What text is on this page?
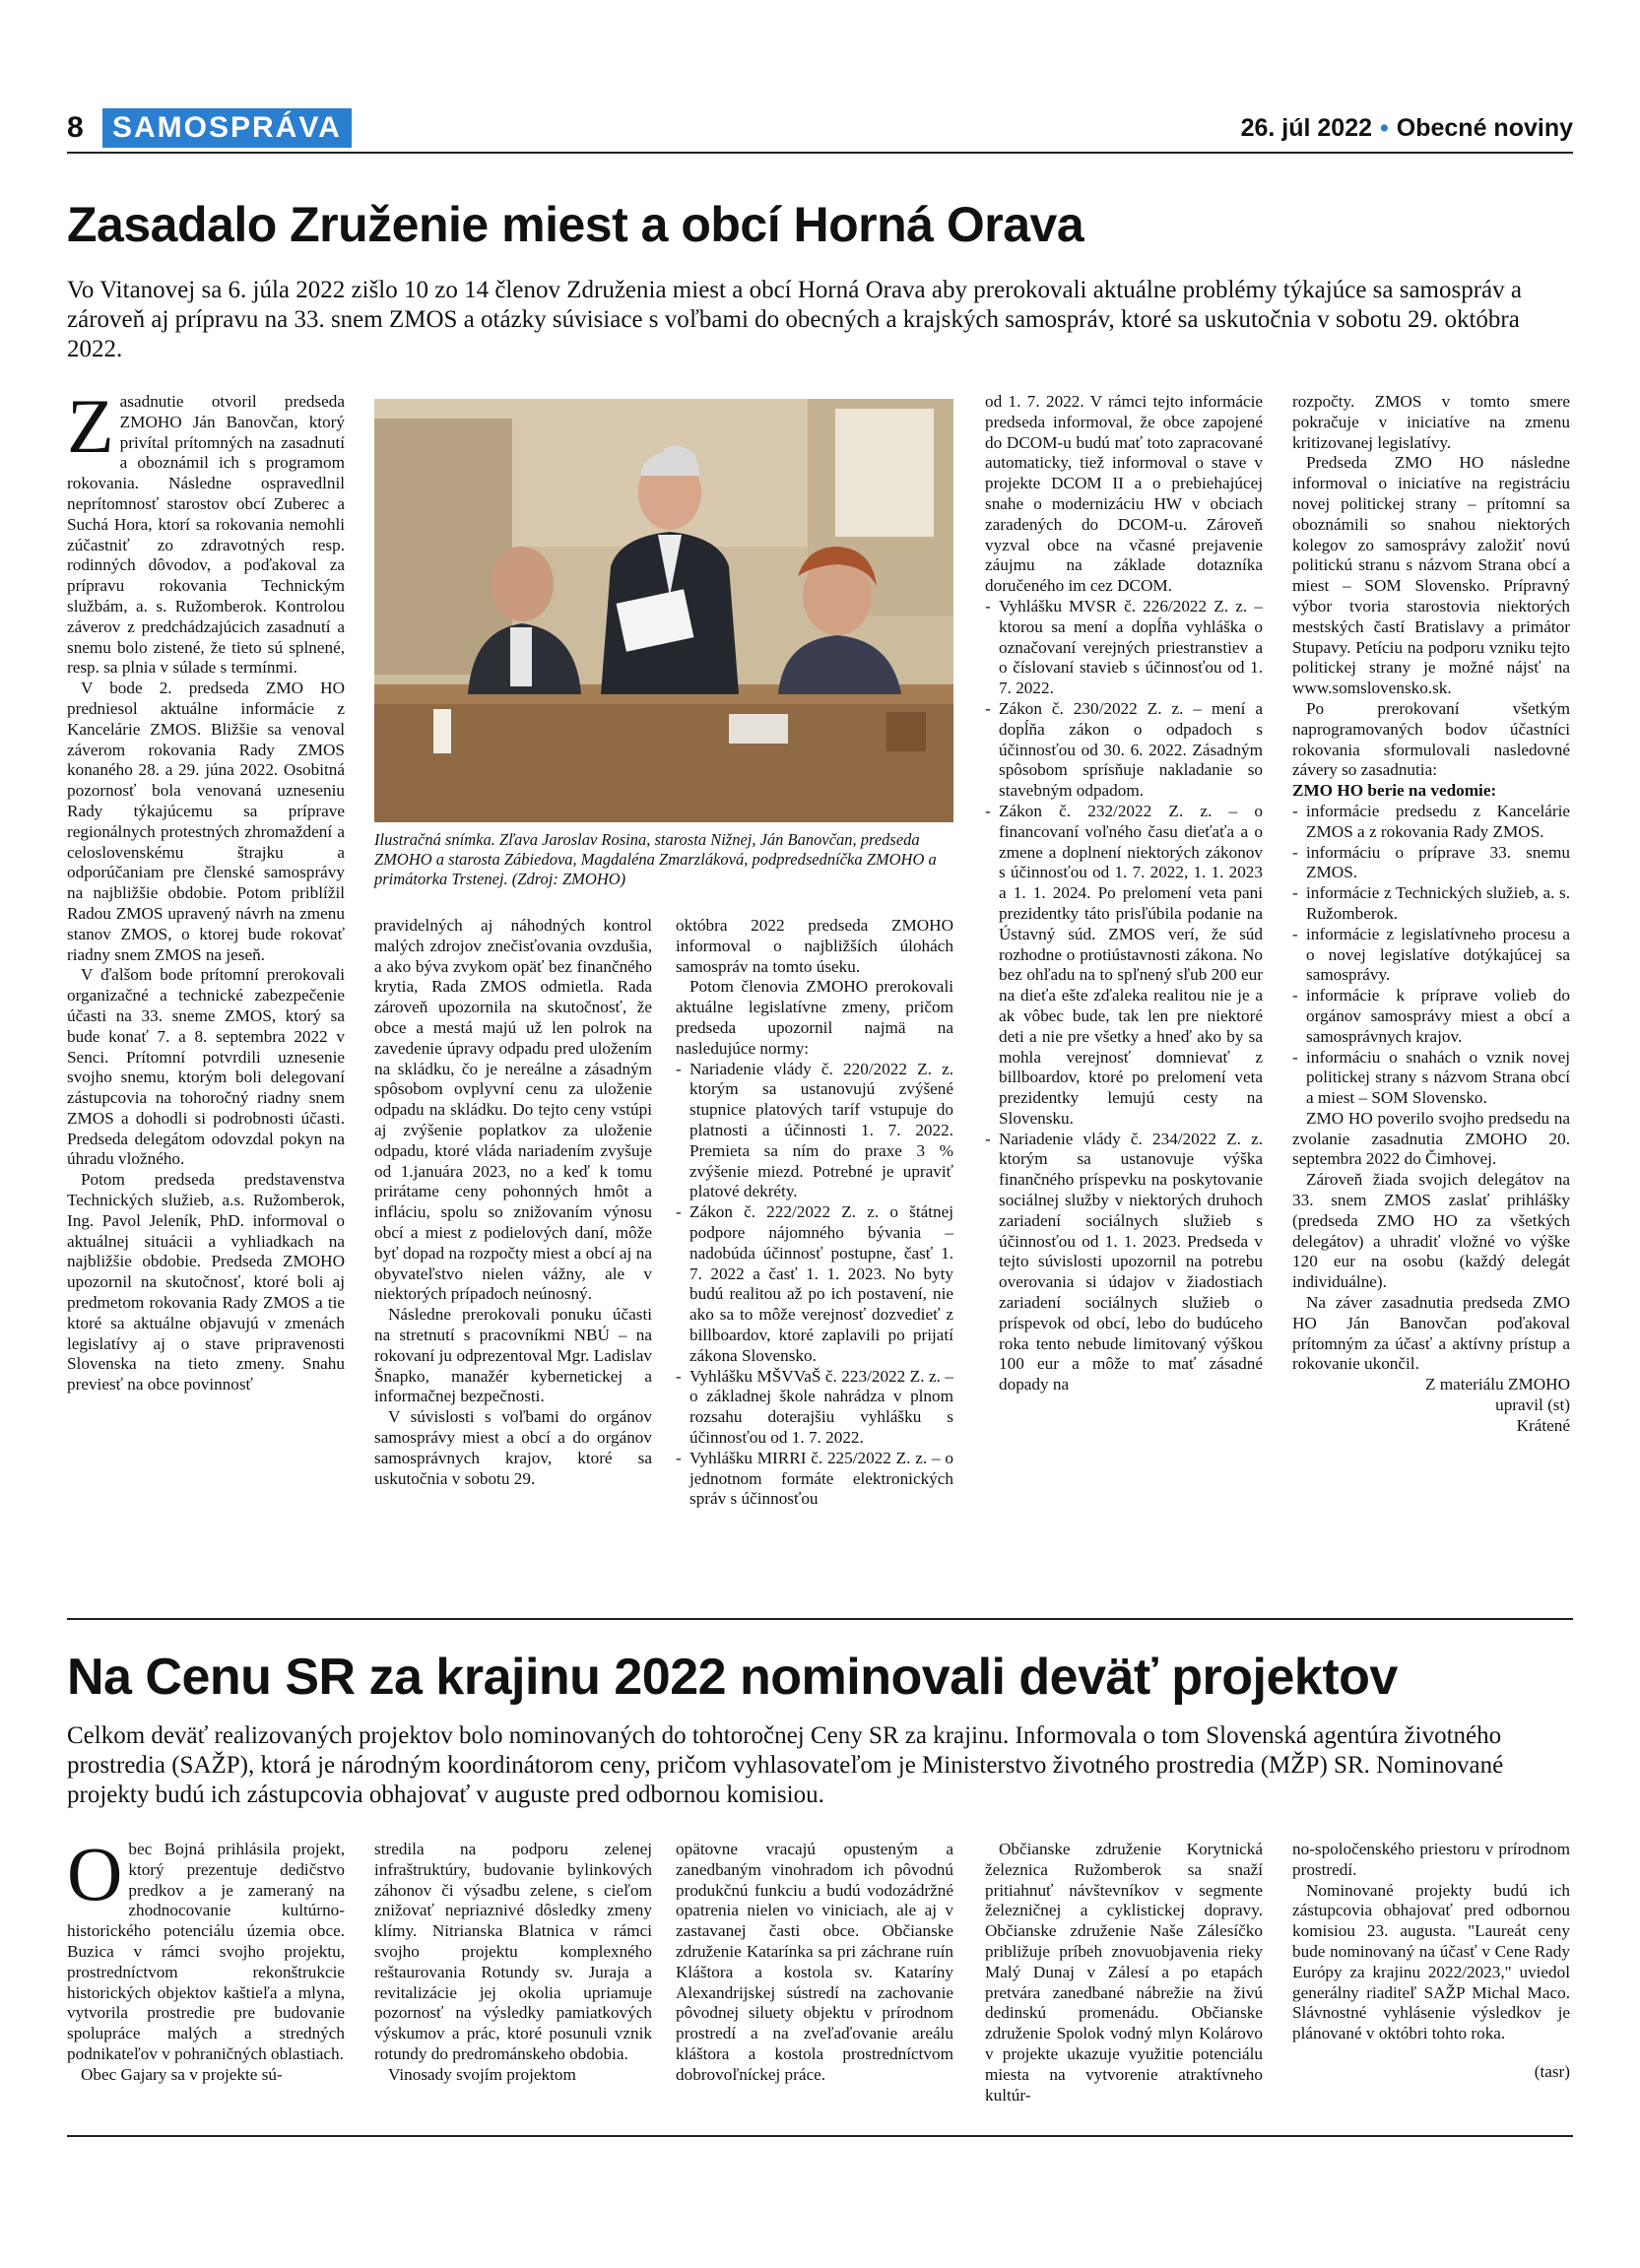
8 SAMOSPRÁVA	26. júl 2022 • Obecné noviny
Zasadalo Zruženie miest a obcí Horná Orava

Vo Vitanovej sa 6. júla 2022 zišlo 10 zo 14 členov Združenia miest a obcí Horná Orava aby prerokovali aktuálne problémy týkajúce sa samospráv a zároveň aj prípravu na 33. snem ZMOS a otázky súvisiace s voľbami do obecných a krajských samospráv, ktoré sa uskutočnia v sobotu 29. októbra 2022.

Zasadnutie otvoril predseda ZMOHO Ján Banovčan, ktorý privítal prítomných na zasadnutí a oboznámil ich s programom rokovania. Následne ospravedlnil neprítomnosť starostov obcí Zuberec a Suchá Hora, ktorí sa rokovania nemohli zúčastniť zo zdravotných resp. rodinných dôvodov, a poďakoval za prípravu rokovania Technickým službám, a. s. Ružomberok. Kontrolou záverov z predchádzajúcich zasadnutí a snemu bolo zistené, že tieto sú splnené, resp. sa plnia v súlade s termínmi.

V bode 2. predseda ZMO HO predniesol aktuálne informácie z Kancelárie ZMOS. Bližšie sa venoval záverom rokovania Rady ZMOS konaného 28. a 29. júna 2022. Osobitná pozornosť bola venovaná uzneseniu Rady týkajúcemu sa príprave regionálnych protestných zhromaždení a celoslovenskému štrajku a odporúčaniam pre členské samosprávy na najbližšie obdobie. Potom priblížil Radou ZMOS upravený návrh na zmenu stanov ZMOS, o ktorej bude rokovať riadny snem ZMOS na jeseň.

V ďalšom bode prítomní prerokovali organizačné a technické zabezpečenie účasti na 33. sneme ZMOS, ktorý sa bude konať 7. a 8. septembra 2022 v Senci. Prítomní potvrdili uznesenie svojho snemu, ktorým boli delegovaní zástupcovia na tohoročný riadny snem ZMOS a dohodli si podrobnosti účasti. Predseda delegátom odovzdal pokyn na úhradu vložného.

Potom predseda predstavenstva Technických služieb, a.s. Ružomberok, Ing. Pavol Jeleník, PhD. informoval o aktuálnej situácii a vyhliadkach na najbližšie obdobie. Predseda ZMOHO upozornil na skutočnosť, ktoré boli aj predmetom rokovania Rady ZMOS a tie ktoré sa aktuálne objavujú v zmenách legislatívy aj o stave pripravenosti Slovenska na tieto zmeny. Snahu previesť na obce povinnosť

Ilustračná snímka. Zľava Jaroslav Rosina, starosta Nižnej, Ján Banovčan, predseda ZMOHO a starosta Zábiedova, Magdaléna Zmarzláková, podpredsedníčka ZMOHO a primátorka Trstenej. (Zdroj: ZMOHO)

pravidelných aj náhodných kontrol malých zdrojov znečisťovania ovzdušia, a ako býva zvykom opäť bez finančného krytia, Rada ZMOS odmietla. Rada zároveň upozornila na skutočnosť, že obce a mestá majú už len polrok na zavedenie úpravy odpadu pred uložením na skládku, čo je nereálne a zásadným spôsobom ovplyvní cenu za uloženie odpadu na skládku. Do tejto ceny vstúpi aj zvýšenie poplatkov za uloženie odpadu, ktoré vláda nariadením zvyšuje od 1.januára 2023, no a keď k tomu prirátame ceny pohonných hmôt a infláciu, spolu so znižovaním výnosu obcí a miest z podielových daní, môže byť dopad na rozpočty miest a obcí aj na obyvateľstvo nielen vážny, ale v niektorých prípadoch neúnosný.

Následne prerokovali ponuku účasti na stretnutí s pracovníkmi NBÚ – na rokovaní ju odprezentoval Mgr. Ladislav Šnapko, manažér kybernetickej a informačnej bezpečnosti.

V súvislosti s voľbami do orgánov samosprávy miest a obcí a do orgánov samosprávnych krajov, ktoré sa uskutočnia v sobotu 29.

októbra 2022 predseda ZMOHO informoval o najbližších úlohách samospráv na tomto úseku.

Potom členovia ZMOHO prerokovali aktuálne legislatívne zmeny, pričom predseda upozornil najmä na nasledujúce normy:

- Nariadenie vlády č. 220/2022 Z. z. ktorým sa ustanovujú zvýšené stupnice platových taríf vstupuje do platnosti a účinnosti 1. 7. 2022. Premieta sa ním do praxe 3 % zvýšenie miezd. Potrebné je upraviť platové dekréty.

- Zákon č. 222/2022 Z. z. o štátnej podpore nájomného bývania – nadobúda účinnosť postupne, časť 1. 7. 2022 a časť 1. 1. 2023. No byty budú realitou až po ich postavení, nie ako sa to môže verejnosť dozvedieť z billboardov, ktoré zaplavili po prijatí zákona Slovensko.

- Vyhlášku MŠVVaŠ č. 223/2022 Z. z. – o základnej škole nahrádza v plnom rozsahu doterajšiu vyhlášku s účinnosťou od 1. 7. 2022.

- Vyhlášku MIRRI č. 225/2022 Z. z. – o jednotnom formáte elektronických správ s účinnosťou

od 1. 7. 2022. V rámci tejto informácie predseda informoval, že obce zapojené do DCOM-u budú mať toto zapracované automaticky, tiež informoval o stave v projekte DCOM II a o prebiehajúcej snahe o modernizáciu HW v obciach zaradených do DCOM-u. Zároveň vyzval obce na včasné prejavenie záujmu na základe dotazníka doručeného im cez DCOM.

- Vyhlášku MVSR č. 226/2022 Z. z. – ktorou sa mení a dopĺňa vyhláška o označovaní verejných priestranstiev a o číslovaní stavieb s účinnosťou od 1. 7. 2022.

- Zákon č. 230/2022 Z. z. – mení a dopĺňa zákon o odpadoch s účinnosťou od 30. 6. 2022. Zásadným spôsobom sprísňuje nakladanie so stavebným odpadom.

- Zákon č. 232/2022 Z. z. – o financovaní voľného času dieťaťa a o zmene a doplnení niektorých zákonov s účinnosťou od 1. 7. 2022, 1. 1. 2023 a 1. 1. 2024. Po prelomení veta pani prezidentky táto prisľúbila podanie na Ústavný súd. ZMOS verí, že súd rozhodne o protiústavnosti zákona. No bez ohľadu na to spľnený sľub 200 eur na dieťa ešte zďaleka realitou nie je a ak vôbec bude, tak len pre niektoré deti a nie pre všetky a hneď ako by sa mohla verejnosť domnievať z billboardov, ktoré po prelomení veta prezidentky lemujú cesty na Slovensku.

- Nariadenie vlády č. 234/2022 Z. z. ktorým sa ustanovuje výška finančného príspevku na poskytovanie sociálnej služby v niektorých druhoch zariadení sociálnych služieb s účinnosťou od 1. 1. 2023. Predseda v tejto súvislosti upozornil na potrebu overovania si údajov v žiadostiach zariadení sociálnych služieb o príspevok od obcí, lebo do budúceho roka tento nebude limitovaný výškou 100 eur a môže to mať zásadné dopady na

rozpočty. ZMOS v tomto smere pokračuje v iniciatíve na zmenu kritizovanej legislatívy.

Predseda ZMO HO následne informoval o iniciatíve na registráciu novej politickej strany – prítomní sa oboznámili so snahou niektorých kolegov zo samosprávy založiť novú politickú stranu s názvom Strana obcí a miest – SOM Slovensko. Prípravný výbor tvoria starostovia niektorých mestských častí Bratislavy a primátor Stupavy. Petíciu na podporu vzniku tejto politickej strany je možné nájsť na www.somslovensko.sk.

Po prerokovaní všetkým naprogramovaných bodov účastníci rokovania sformulovali nasledovné závery so zasadnutia:

ZMO HO berie na vedomie:

- informácie predsedu z Kancelárie ZMOS a z rokovania Rady ZMOS.

- informáciu o príprave 33. snemu ZMOS.

- informácie z Technických služieb, a. s. Ružomberok.

- informácie z legislatívneho procesu a o novej legislatíve dotýkajúcej sa samosprávy.

- informácie k príprave volieb do orgánov samosprávy miest a obcí a samosprávnych krajov.

- informáciu o snahách o vznik novej politickej strany s názvom Strana obcí a miest – SOM Slovensko.

ZMO HO poverilo svojho predsedu na zvolanie zasadnutia ZMOHO 20. septembra 2022 do Čimhovej.

Zároveň žiada svojich delegátov na 33. snem ZMOS zaslať prihlášky (predseda ZMO HO za všetkých delegátov) a uhradiť vložné vo výške 120 eur na osobu (každý delegát individuálne).

Na záver zasadnutia predseda ZMO HO Ján Banovčan poďakoval prítomným za účasť a aktívny prístup a rokovanie ukončil.

Z materiálu ZMOHO

upravil (st)

Krátené

Na Cenu SR za krajinu 2022 nominovali deväť projektov

Celkom deväť realizovaných projektov bolo nominovaných do tohtoročnej Ceny SR za krajinu. Informovala o tom Slovenská agentúra životného prostredia (SAŽP), ktorá je národným koordinátorom ceny, pričom vyhlasovateľom je Ministerstvo životného prostredia (MŽP) SR. Nominované projekty budú ich zástupcovia obhajovať v auguste pred odbornou komisiou.

Obec Bojná prihlásila projekt, ktorý prezentuje dedičstvo predkov a je zameraný na zhodnocovanie kultúrno-historického potenciálu územia obce. Buzica v rámci svojho projektu, prostredníctvom rekonštrukcie historických objektov kaštieľa a mlyna, vytvorila prostredie pre budovanie spolupráce malých a stredných podnikateľov v pohraničných oblastiach.

Obec Gajary sa v projekte sú-

stredila na podporu zelenej infraštruktúry, budovanie bylinkových záhonov či výsadbu zelene, s cieľom znižovať nepriaznivé dôsledky zmeny klímy. Nitrianska Blatnica v rámci svojho projektu komplexného reštaurovania Rotundy sv. Juraja a revitalizácie jej okolia upriamuje pozornosť na výsledky pamiatkových výskumov a prác, ktoré posunuli vznik rotundy do predrománskeho obdobia.

Vinosady svojím projektom

opätovne vracajú opusteným a zanedbaným vinohradom ich pôvodnú produkčnú funkciu a budú vodozádržné opatrenia nielen vo viniciach, ale aj v zastavanej časti obce. Občianske združenie Katarínka sa pri záchrane ruín Kláštora a kostola sv. Kataríny Alexandrijskej sústredí na zachovanie pôvodnej siluety objektu v prírodnom prostredí a na zveľaďovanie areálu kláštora a kostola prostredníctvom dobrovoľníckej práce.

Občianske združenie Korytnická železnica Ružomberok sa snaží pritiahnuť návštevníkov v segmente železničnej a cyklistickej dopravy. Občianske združenie Naše Zálesíčko približuje príbeh znovuobjavenia rieky Malý Dunaj v Zálesí a po etapách pretvára zanedbané nábrežie na živú dedinskú promenádu. Občianske združenie Spolok vodný mlyn Kolárovo v projekte ukazuje využitie potenciálu miesta na vytvorenie atraktívneho kultúr-

no-spoločenského priestoru v prírodnom prostredí.

Nominované projekty budú ich zástupcovia obhajovať pred odbornou komisiou 23. augusta. "Laureát ceny bude nominovaný na účasť v Cene Rady Európy za krajinu 2022/2023," uviedol generálny riaditeľ SAŽP Michal Maco. Slávnostné vyhlásenie výsledkov je plánované v októbri tohto roka.

(tasr)
